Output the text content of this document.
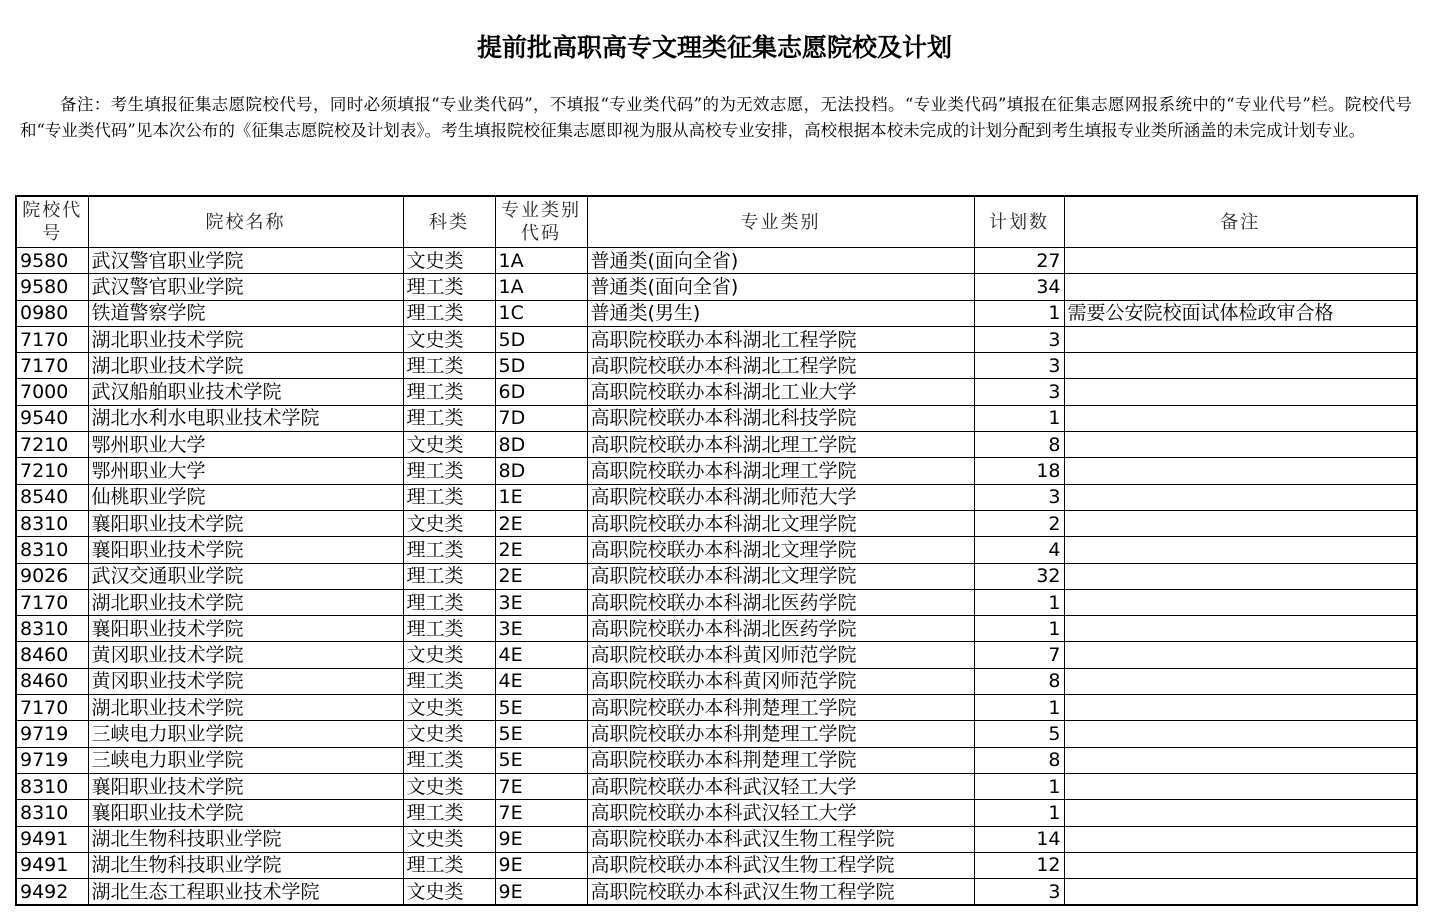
提前批高职高专文理类征集志愿院校及计划
备注：考生填报征集志愿院校代号，同时必须填报“专业类代码”，不填报“专业类代码”的为无效志愿，无法投档。“专业类代码”填报在征集志愿网报系统中的“专业代号”栏。院校代号和“专业类代码”见本次公布的《征集志愿院校及计划表》。考生填报院校征集志愿即视为服从高校专业安排，高校根据本校未完成的计划分配到考生填报专业类所涵盖的未完成计划专业。
院校代号	院校名称	科类	专业类别代码	专业类别	计划数	备注
9580	武汉警官职业学院	文史类	1A	普通类(面向全省)	27	
9580	武汉警官职业学院	理工类	1A	普通类(面向全省)	34	
0980	铁道警察学院	理工类	1C	普通类(男生)	1	需要公安院校面试体检政审合格
7170	湖北职业技术学院	文史类	5D	高职院校联办本科湖北工程学院	3	
7170	湖北职业技术学院	理工类	5D	高职院校联办本科湖北工程学院	3	
7000	武汉船舶职业技术学院	理工类	6D	高职院校联办本科湖北工业大学	3	
9540	湖北水利水电职业技术学院	理工类	7D	高职院校联办本科湖北科技学院	1	
7210	鄂州职业大学	文史类	8D	高职院校联办本科湖北理工学院	8	
7210	鄂州职业大学	理工类	8D	高职院校联办本科湖北理工学院	18	
8540	仙桃职业学院	理工类	1E	高职院校联办本科湖北师范大学	3	
8310	襄阳职业技术学院	文史类	2E	高职院校联办本科湖北文理学院	2	
8310	襄阳职业技术学院	理工类	2E	高职院校联办本科湖北文理学院	4	
9026	武汉交通职业学院	理工类	2E	高职院校联办本科湖北文理学院	32	
7170	湖北职业技术学院	理工类	3E	高职院校联办本科湖北医药学院	1	
8310	襄阳职业技术学院	理工类	3E	高职院校联办本科湖北医药学院	1	
8460	黄冈职业技术学院	文史类	4E	高职院校联办本科黄冈师范学院	7	
8460	黄冈职业技术学院	理工类	4E	高职院校联办本科黄冈师范学院	8	
7170	湖北职业技术学院	文史类	5E	高职院校联办本科荆楚理工学院	1	
9719	三峡电力职业学院	文史类	5E	高职院校联办本科荆楚理工学院	5	
9719	三峡电力职业学院	理工类	5E	高职院校联办本科荆楚理工学院	8	
8310	襄阳职业技术学院	文史类	7E	高职院校联办本科武汉轻工大学	1	
8310	襄阳职业技术学院	理工类	7E	高职院校联办本科武汉轻工大学	1	
9491	湖北生物科技职业学院	文史类	9E	高职院校联办本科武汉生物工程学院	14	
9491	湖北生物科技职业学院	理工类	9E	高职院校联办本科武汉生物工程学院	12	
9492	湖北生态工程职业技术学院	文史类	9E	高职院校联办本科武汉生物工程学院	3	
